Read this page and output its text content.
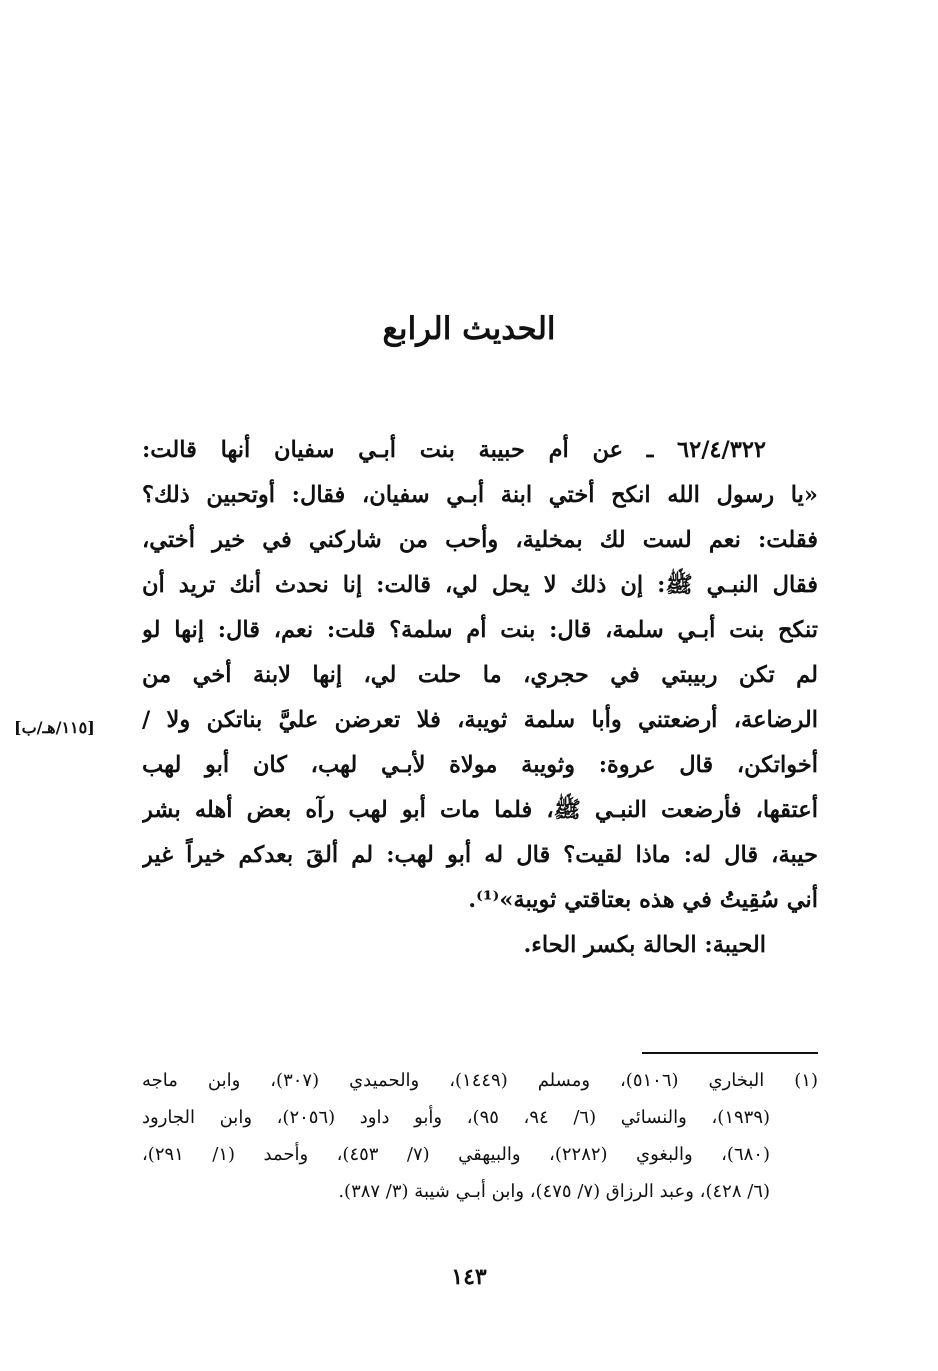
الحديث الرابع
٦٢/٤/٣٢٢ ـ عن أم حبيبة بنت أبـي سفيان أنها قالت:
«يا رسول الله انكح أختي ابنة أبـي سفيان، فقال: أوتحبين ذلك؟
فقلت: نعم لست لك بمخلية، وأحب من شاركني في خير أختي،
فقال النبـي ﷺ: إن ذلك لا يحل لي، قالت: إنا نحدث أنك تريد أن
تنكح بنت أبـي سلمة، قال: بنت أم سلمة؟ قلت: نعم، قال: إنها لو
لم تكن ربيبتي في حجري، ما حلت لي، إنها لابنة أخي من
الرضاعة، أرضعتني وأبا سلمة ثويبة، فلا تعرضن عليَّ بناتكن ولا /
أخواتكن، قال عروة: وثويبة مولاة لأبـي لهب، كان أبو لهب
أعتقها، فأرضعت النبـي ﷺ، فلما مات أبو لهب رآه بعض أهله بشر
حيبة، قال له: ماذا لقيت؟ قال له أبو لهب: لم ألقَ بعدكم خيراً غير
أني سُقِيتُ في هذه بعتاقتي ثويبة»⁽¹⁾.
الحيبة: الحالة بكسر الحاء.
[١١٥/هـ/ب]
(١) البخاري (٥١٠٦)، ومسلم (١٤٤٩)، والحميدي (٣٠٧)، وابن ماجه
(١٩٣٩)، والنسائي (٦/ ٩٤، ٩٥)، وأبو داود (٢٠٥٦)، وابن الجارود
(٦٨٠)، والبغوي (٢٢٨٢)، والبيهقي (٧/ ٤٥٣)، وأحمد (١/ ٢٩١)،
(٦/ ٤٢٨)، وعبد الرزاق (٧/ ٤٧٥)، وابن أبـي شيبة (٣/ ٣٨٧).
١٤٣
